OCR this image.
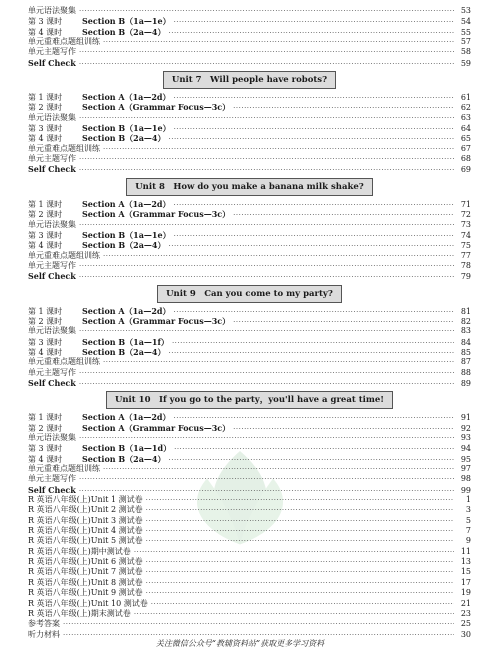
单元语法聚集 ·····	53
第 3 课时	Section B（1a—1e） ·····	54
第 4 课时	Section B（2a—4） ·····	55
单元重难点题组训练 ·····	57
单元主题写作 ·····	58
Self Check ·····	59
Unit 7　Will people have robots?
第 1 课时	Section A（1a—2d） ·····	61
第 2 课时	Section A（Grammar Focus—3c） ·····	62
单元语法聚集 ·····	63
第 3 课时	Section B（1a—1e） ·····	64
第 4 课时	Section B（2a—4） ·····	65
单元重难点题组训练 ·····	67
单元主题写作 ·····	68
Self Check ·····	69
Unit 8　How do you make a banana milk shake?
第 1 课时	Section A（1a—2d） ·····	71
第 2 课时	Section A（Grammar Focus—3c） ·····	72
单元语法聚集 ·····	73
第 3 课时	Section B（1a—1e） ·····	74
第 4 课时	Section B（2a—4） ·····	75
单元重难点题组训练 ·····	77
单元主题写作 ·····	78
Self Check ·····	79
Unit 9　Can you come to my party?
第 1 课时	Section A（1a—2d） ·····	81
第 2 课时	Section A（Grammar Focus—3c） ·····	82
单元语法聚集 ·····	83
第 3 课时	Section B（1a—1f） ·····	84
第 4 课时	Section B（2a—4） ·····	85
单元重难点题组训练 ·····	87
单元主题写作 ·····	88
Self Check ·····	89
Unit 10　If you go to the party，you'll have a great time!
第 1 课时	Section A（1a—2d） ·····	91
第 2 课时	Section A（Grammar Focus—3c） ·····	92
单元语法聚集 ·····	93
第 3 课时	Section B（1a—1d） ·····	94
第 4 课时	Section B（2a—4） ·····	95
单元重难点题组训练 ·····	97
单元主题写作 ·····	98
Self Check ·····	99
R 英语八年级(上)Unit 1 测试卷 ·····	1
R 英语八年级(上)Unit 2 测试卷 ·····	3
R 英语八年级(上)Unit 3 测试卷 ·····	5
R 英语八年级(上)Unit 4 测试卷 ·····	7
R 英语八年级(上)Unit 5 测试卷 ·····	9
R 英语八年级(上)期中测试卷 ·····	11
R 英语八年级(上)Unit 6 测试卷 ·····	13
R 英语八年级(上)Unit 7 测试卷 ·····	15
R 英语八年级(上)Unit 8 测试卷 ·····	17
R 英语八年级(上)Unit 9 测试卷 ·····	19
R 英语八年级(上)Unit 10 测试卷 ·····	21
R 英语八年级(上)期末测试卷 ·····	23
参考答案 ·····	25
听力材料 ·····	30
关注微信公众号“教辅资料站”获取更多学习资料
